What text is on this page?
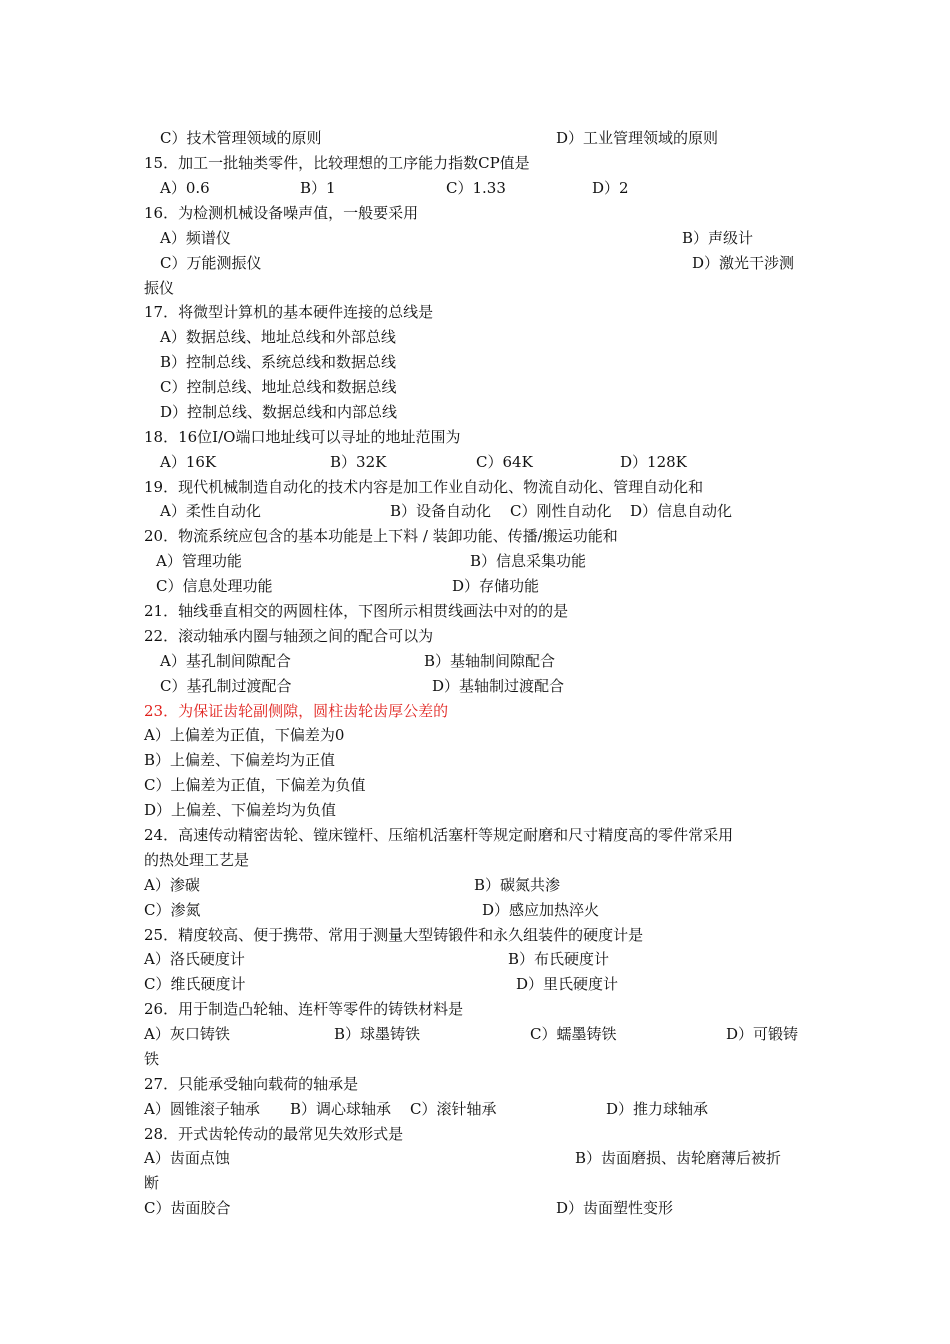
C）技术管理领域的原则	D）工业管理领域的原则
15．加工一批轴类零件，比较理想的工序能力指数CP值是
A）0.6	B）1	C）1.33	D）2
16．为检测机械设备噪声值，一般要采用
A）频谱仪	B）声级计
C）万能测振仪	D）激光干涉测
振仪
17．将微型计算机的基本硬件连接的总线是
A）数据总线、地址总线和外部总线
B）控制总线、系统总线和数据总线
C）控制总线、地址总线和数据总线
D）控制总线、数据总线和内部总线
18．16位I/O端口地址线可以寻址的地址范围为
A）16K	B）32K	C）64K	D）128K
19．现代机械制造自动化的技术内容是加工作业自动化、物流自动化、管理自动化和
A）柔性自动化	B）设备自动化 C）刚性自动化 D）信息自动化
20．物流系统应包含的基本功能是上下料 / 装卸功能、传播/搬运功能和
A）管理功能	B）信息采集功能
C）信息处理功能	D）存储功能
21．轴线垂直相交的两圆柱体，下图所示相贯线画法中对的的是
22．滚动轴承内圈与轴颈之间的配合可以为
A）基孔制间隙配合	B）基轴制间隙配合
C）基孔制过渡配合	D）基轴制过渡配合
23．为保证齿轮副侧隙，圆柱齿轮齿厚公差的
A）上偏差为正值，下偏差为0
B）上偏差、下偏差均为正值
C）上偏差为正值，下偏差为负值
D）上偏差、下偏差均为负值
24．高速传动精密齿轮、镗床镗杆、压缩机活塞杆等规定耐磨和尺寸精度高的零件常采用
的热处理工艺是
A）渗碳	B）碳氮共渗
C）渗氮	D）感应加热淬火
25．精度较高、便于携带、常用于测量大型铸锻件和永久组装件的硬度计是
A）洛氏硬度计	B）布氏硬度计
C）维氏硬度计	D）里氏硬度计
26．用于制造凸轮轴、连杆等零件的铸铁材料是
A）灰口铸铁	B）球墨铸铁	C）蠕墨铸铁	D）可锻铸
铁
27．只能承受轴向载荷的轴承是
A）圆锥滚子轴承 B）调心球轴承 C）滚针轴承	D）推力球轴承
28．开式齿轮传动的最常见失效形式是
A）齿面点蚀	B）齿面磨损、齿轮磨薄后被折
断
C）齿面胶合	D）齿面塑性变形
